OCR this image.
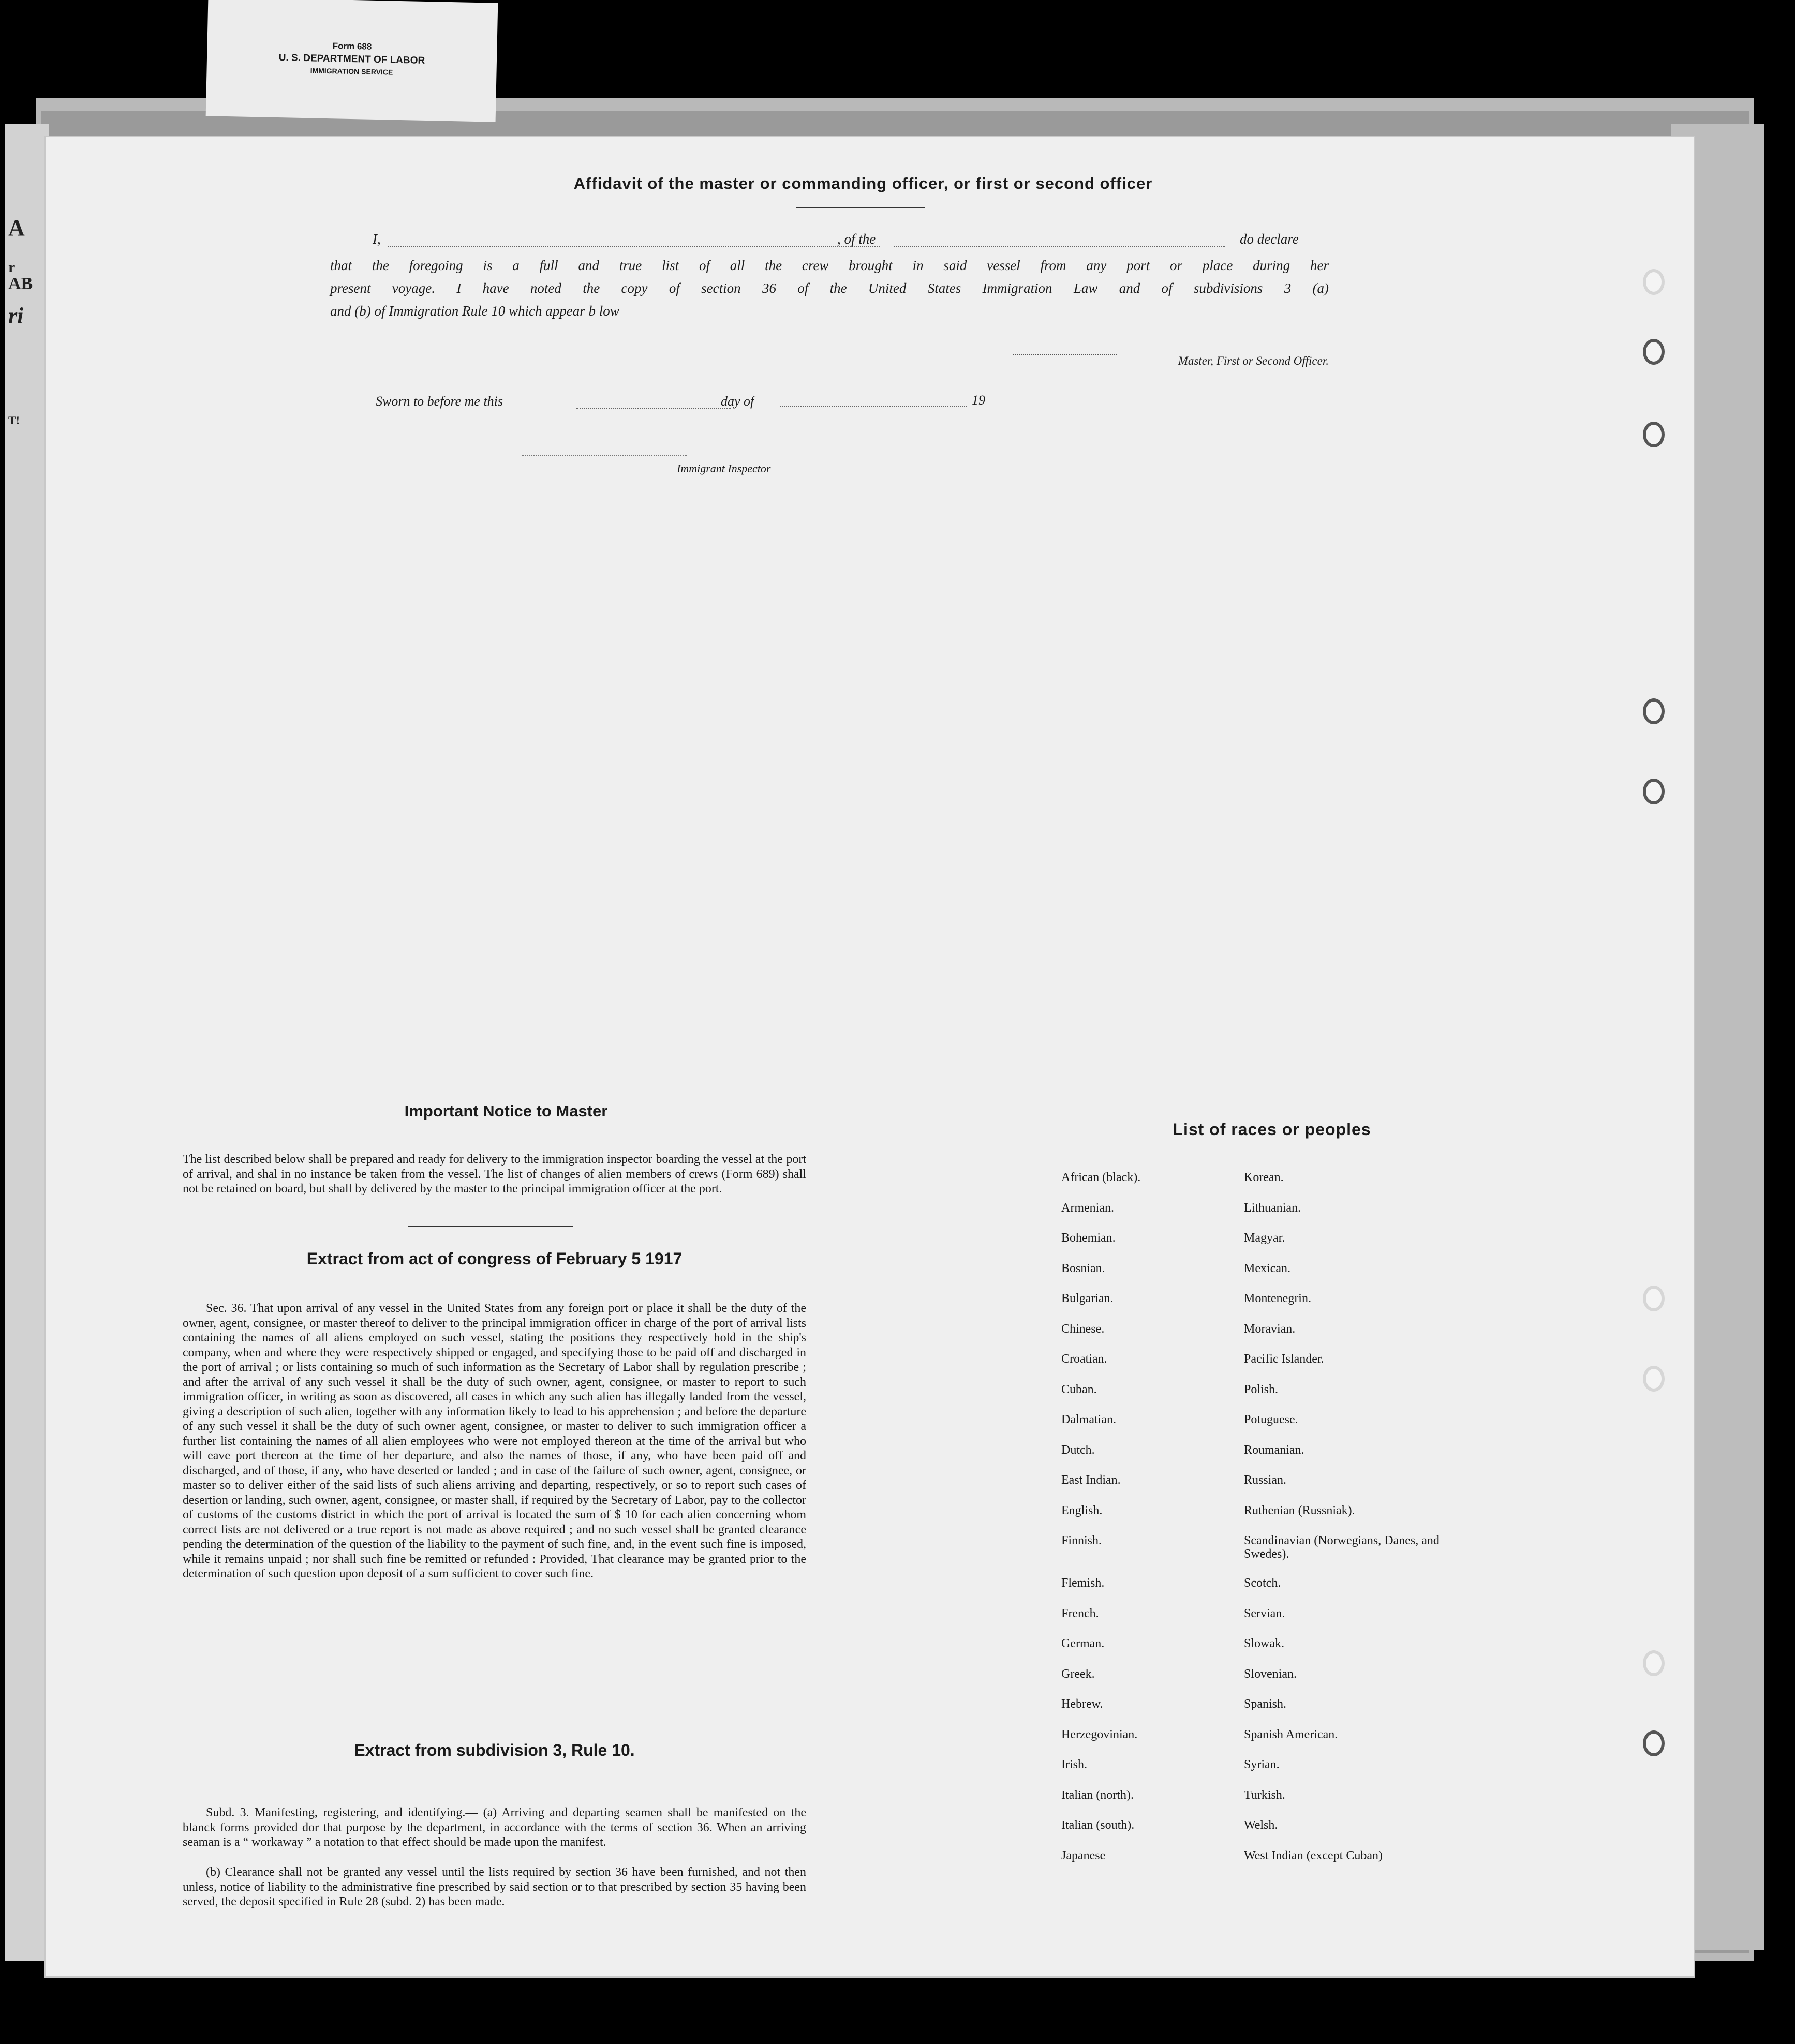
A
r
AB
ri
T!
Form 688
U. S. DEPARTMENT OF LABOR
IMMIGRATION SERVICE
Affidavit of the master or commanding officer, or first or second officer
I,	, of the	do declare
that the foregoing is a full and true list of all the crew brought in said vessel from any port or place during her
present voyage. I have noted the copy of section 36 of the United States Immigration Law and of subdivisions 3 (a)
and (b) of Immigration Rule 10 which appear b low
Master, First or Second Officer.
Sworn to before me this	day of	19
Immigrant Inspector
Important Notice to Master
The list described below shall be prepared and ready for delivery to the immigration inspector boarding the vessel at the port of arrival, and shal in no instance be taken from the vessel. The list of changes of alien members of crews (Form 689) shall not be retained on board, but shall by delivered by the master to the principal immigration officer at the port.
Extract from act of congress of February 5 1917
Sec. 36. That upon arrival of any vessel in the United States from any foreign port or place it shall be the duty of the owner, agent, consignee, or master thereof to deliver to the principal immigration officer in charge of the port of arrival lists containing the names of all aliens employed on such vessel, stating the positions they respectively hold in the ship's company, when and where they were respectively shipped or engaged, and specifying those to be paid off and discharged in the port of arrival ; or lists containing so much of such information as the Secretary of Labor shall by regulation prescribe ; and after the arrival of any such vessel it shall be the duty of such owner, agent, consignee, or master to report to such immigration officer, in writing as soon as discovered, all cases in which any such alien has illegally landed from the vessel, giving a description of such alien, together with any information likely to lead to his apprehension ; and before the departure of any such vessel it shall be the duty of such owner agent, consignee, or master to deliver to such immigration officer a further list containing the names of all alien employees who were not employed thereon at the time of the arrival but who will eave port thereon at the time of her departure, and also the names of those, if any, who have been paid off and discharged, and of those, if any, who have deserted or landed ; and in case of the failure of such owner, agent, consignee, or master so to deliver either of the said lists of such aliens arriving and departing, respectively, or so to report such cases of desertion or landing, such owner, agent, consignee, or master shall, if required by the Secretary of Labor, pay to the collector of customs of the customs district in which the port of arrival is located the sum of $ 10 for each alien concerning whom correct lists are not delivered or a true report is not made as above required ; and no such vessel shall be granted clearance pending the determination of the question of the liability to the payment of such fine, and, in the event such fine is imposed, while it remains unpaid ; nor shall such fine be remitted or refunded : Provided, That clearance may be granted prior to the determination of such question upon deposit of a sum sufficient to cover such fine.
Extract from subdivision 3, Rule 10.
Subd. 3. Manifesting, registering, and identifying.— (a) Arriving and departing seamen shall be manifested on the blanck forms provided dor that purpose by the department, in accordance with the terms of section 36. When an arriving seaman is a “ workaway ” a notation to that effect should be made upon the manifest.
(b) Clearance shall not be granted any vessel until the lists required by section 36 have been furnished, and not then unless, notice of liability to the administrative fine prescribed by said section or to that prescribed by section 35 having been served, the deposit specified in Rule 28 (subd. 2) has been made.
List of races or peoples
African (black).	Korean.
Armenian.	Lithuanian.
Bohemian.	Magyar.
Bosnian.	Mexican.
Bulgarian.	Montenegrin.
Chinese.	Moravian.
Croatian.	Pacific Islander.
Cuban.	Polish.
Dalmatian.	Potuguese.
Dutch.	Roumanian.
East Indian.	Russian.
English.	Ruthenian (Russniak).
Finnish.	Scandinavian (Norwegians, Danes, and Swedes).
Flemish.	Scotch.
French.	Servian.
German.	Slowak.
Greek.	Slovenian.
Hebrew.	Spanish.
Herzegovinian.	Spanish American.
Irish.	Syrian.
Italian (north).	Turkish.
Italian (south).	Welsh.
Japanese	West Indian (except Cuban)
